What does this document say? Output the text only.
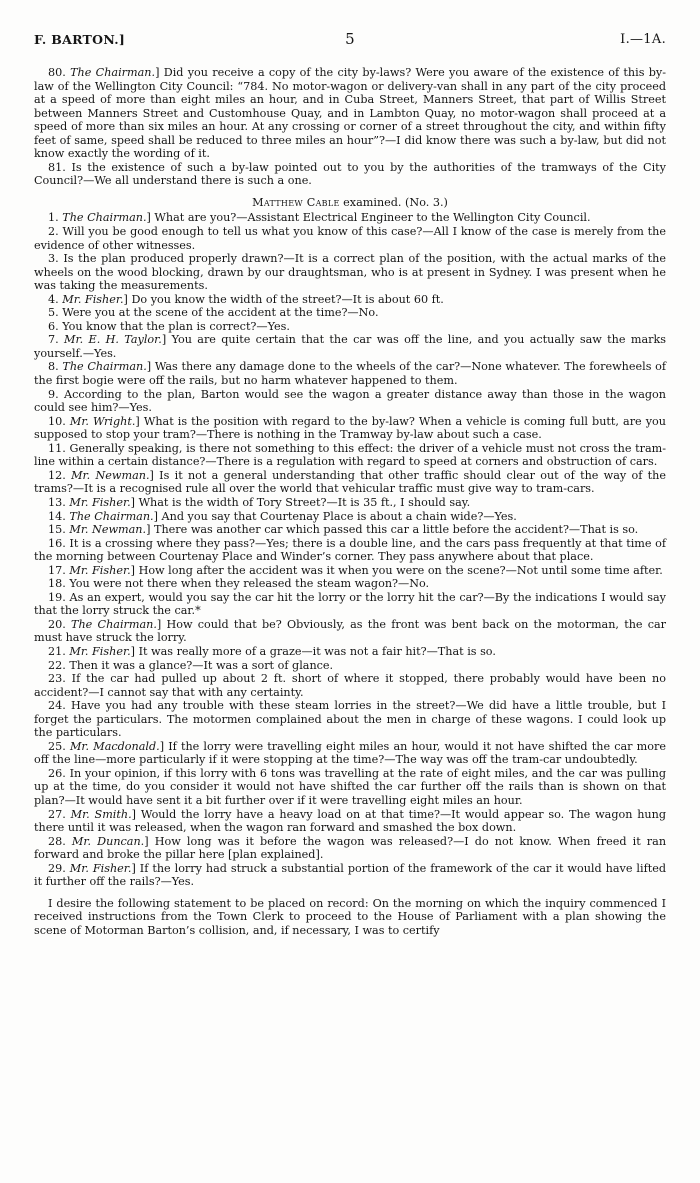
F. BARTON.]	5	I.—1A.

80. The Chairman.] Did you receive a copy of the city by-laws? Were you aware of the existence of this by-law of the Wellington City Council: “784. No motor-wagon or delivery-van shall in any part of the city proceed at a speed of more than eight miles an hour, and in Cuba Street, Manners Street, that part of Willis Street between Manners Street and Customhouse Quay, and in Lambton Quay, no motor-wagon shall proceed at a speed of more than six miles an hour. At any crossing or corner of a street throughout the city, and within fifty feet of same, speed shall be reduced to three miles an hour”?—I did know there was such a by-law, but did not know exactly the wording of it.

81. Is the existence of such a by-law pointed out to you by the authorities of the tramways of the City Council?—We all understand there is such a one.

Matthew Cable examined. (No. 3.)

1. The Chairman.] What are you?—Assistant Electrical Engineer to the Wellington City Council.

2. Will you be good enough to tell us what you know of this case?—All I know of the case is merely from the evidence of other witnesses.

3. Is the plan produced properly drawn?—It is a correct plan of the position, with the actual marks of the wheels on the wood blocking, drawn by our draughtsman, who is at present in Sydney. I was present when he was taking the measurements.

4. Mr. Fisher.] Do you know the width of the street?—It is about 60 ft.

5. Were you at the scene of the accident at the time?—No.

6. You know that the plan is correct?—Yes.

7. Mr. E. H. Taylor.] You are quite certain that the car was off the line, and you actually saw the marks yourself.—Yes.

8. The Chairman.] Was there any damage done to the wheels of the car?—None whatever. The forewheels of the first bogie were off the rails, but no harm whatever happened to them.

9. According to the plan, Barton would see the wagon a greater distance away than those in the wagon could see him?—Yes.

10. Mr. Wright.] What is the position with regard to the by-law? When a vehicle is coming full butt, are you supposed to stop your tram?—There is nothing in the Tramway by-law about such a case.

11. Generally speaking, is there not something to this effect: the driver of a vehicle must not cross the tram-line within a certain distance?—There is a regulation with regard to speed at corners and obstruction of cars.

12. Mr. Newman.] Is it not a general understanding that other traffic should clear out of the way of the trams?—It is a recognised rule all over the world that vehicular traffic must give way to tram-cars.

13. Mr. Fisher.] What is the width of Tory Street?—It is 35 ft., I should say.

14. The Chairman.] And you say that Courtenay Place is about a chain wide?—Yes.

15. Mr. Newman.] There was another car which passed this car a little before the accident?—That is so.

16. It is a crossing where they pass?—Yes; there is a double line, and the cars pass frequently at that time of the morning between Courtenay Place and Winder’s corner. They pass anywhere about that place.

17. Mr. Fisher.] How long after the accident was it when you were on the scene?—Not until some time after.

18. You were not there when they released the steam wagon?—No.

19. As an expert, would you say the car hit the lorry or the lorry hit the car?—By the indications I would say that the lorry struck the car.*

20. The Chairman.] How could that be? Obviously, as the front was bent back on the motorman, the car must have struck the lorry.

21. Mr. Fisher.] It was really more of a graze—it was not a fair hit?—That is so.

22. Then it was a glance?—It was a sort of glance.

23. If the car had pulled up about 2 ft. short of where it stopped, there probably would have been no accident?—I cannot say that with any certainty.

24. Have you had any trouble with these steam lorries in the street?—We did have a little trouble, but I forget the particulars. The motormen complained about the men in charge of these wagons. I could look up the particulars.

25. Mr. Macdonald.] If the lorry were travelling eight miles an hour, would it not have shifted the car more off the line—more particularly if it were stopping at the time?—The way was off the tram-car undoubtedly.

26. In your opinion, if this lorry with 6 tons was travelling at the rate of eight miles, and the car was pulling up at the time, do you consider it would not have shifted the car further off the rails than is shown on that plan?—It would have sent it a bit further over if it were travelling eight miles an hour.

27. Mr. Smith.] Would the lorry have a heavy load on at that time?—It would appear so. The wagon hung there until it was released, when the wagon ran forward and smashed the box down.

28. Mr. Duncan.] How long was it before the wagon was released?—I do not know. When freed it ran forward and broke the pillar here [plan explained].

29. Mr. Fisher.] If the lorry had struck a substantial portion of the framework of the car it would have lifted it further off the rails?—Yes.

I desire the following statement to be placed on record: On the morning on which the inquiry commenced I received instructions from the Town Clerk to proceed to the House of Parliament with a plan showing the scene of Motorman Barton’s collision, and, if necessary, I was to certify
